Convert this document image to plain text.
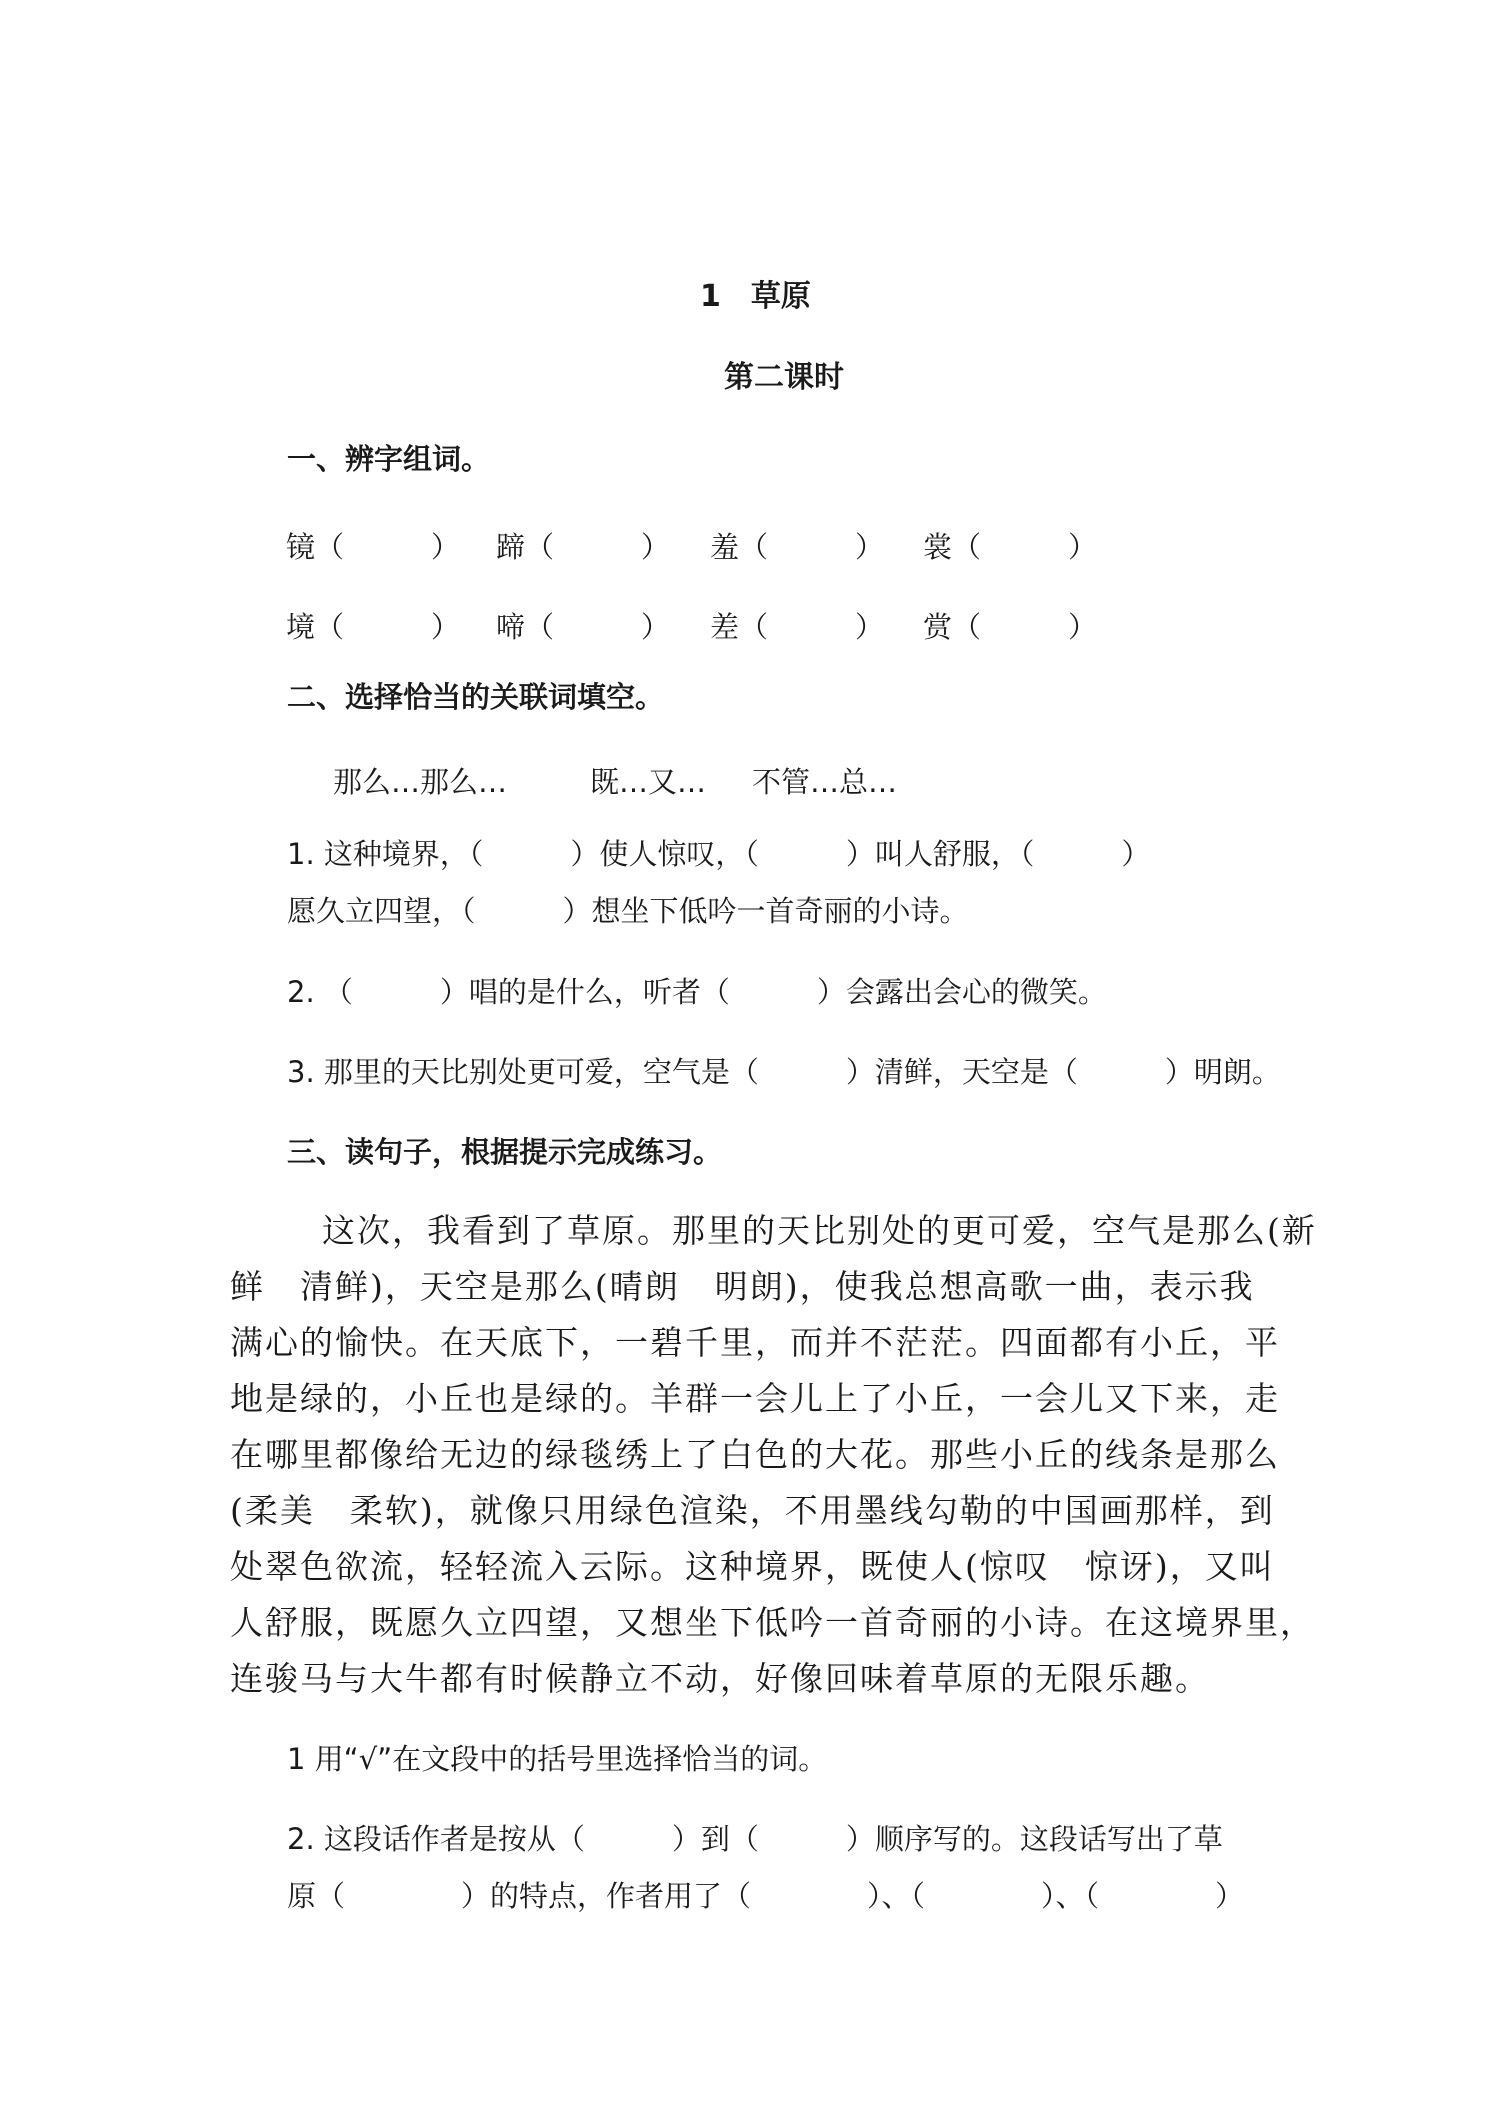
1　草原
第二课时
一、辨字组词。
镜（　　　） 蹄（　　　） 羞（　　　） 裳（　　　）
境（　　　） 啼（　　　） 差（　　　） 赏（　　　）
二、选择恰当的关联词填空。
那么…那么…	既…又… 不管…总…
1. 这种境界，（　　　）使人惊叹，（　　　）叫人舒服，（　　　）
愿久立四望，（　　　）想坐下低吟一首奇丽的小诗。
2. （　　　）唱的是什么，听者（　　　）会露出会心的微笑。
3. 那里的天比别处更可爱，空气是（　　　）清鲜，天空是（　　　）明朗。
三、读句子，根据提示完成练习。
　这次，我看到了草原。那里的天比别处的更可爱，空气是那么(新
鲜　清鲜)，天空是那么(晴朗　明朗)，使我总想高歌一曲，表示我
满心的愉快。在天底下，一碧千里，而并不茫茫。四面都有小丘，平
地是绿的，小丘也是绿的。羊群一会儿上了小丘，一会儿又下来，走
在哪里都像给无边的绿毯绣上了白色的大花。那些小丘的线条是那么
(柔美　柔软)，就像只用绿色渲染，不用墨线勾勒的中国画那样，到
处翠色欲流，轻轻流入云际。这种境界，既使人(惊叹　惊讶)，又叫
人舒服，既愿久立四望，又想坐下低吟一首奇丽的小诗。在这境界里，
连骏马与大牛都有时候静立不动，好像回味着草原的无限乐趣。
1 用“√”在文段中的括号里选择恰当的词。
2. 这段话作者是按从（　　　）到（　　　）顺序写的。这段话写出了草
原（　　　　）的特点，作者用了（　　　　）、（　　　　）、（　　　　）
